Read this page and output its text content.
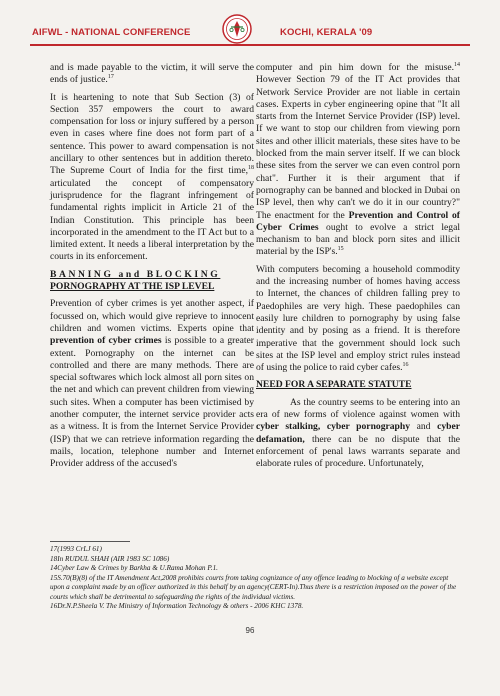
AIFWL - NATIONAL CONFERENCE	KOCHI, KERALA '09

and is made payable to the victim, it will serve the ends of justice.$^{17}$

It is heartening to note that Sub Section (3) of Section 357 empowers the court to award compensation for loss or injury suffered by a person even in cases where fine does not form part of a sentence. This power to award compensation is not ancillary to other sentences but in addition thereto. The Supreme Court of India for the first time,$^{18}$ articulated the concept of compensatory jurisprudence for the flagrant infringement of fundamental rights implicit in Article 21 of the Indian Constitution. This principle has been incorporated in the amendment to the IT Act but to a limited extent. It needs a liberal interpretation by the courts in its enforcement.

BANNING and BLOCKING
PORNOGRAPHY AT THE ISP LEVEL

Prevention of cyber crimes is yet another aspect, if focussed on, which would give reprieve to innocent children and women victims. Experts opine that prevention of cyber crimes is possible to a greater extent. Pornography on the internet can be controlled and there are many methods. There are special softwares which lock almost all porn sites on the net and which can prevent children from viewing such sites. When a computer has been victimised by another computer, the internet service provider acts as a witness. It is from the Internet Service Provider (ISP) that we can retrieve information regarding the mails, location, telephone number and Internet Provider address of the accused's

computer and pin him down for the misuse.$^{14}$ However Section 79 of the IT Act provides that Network Service Provider are not liable in certain cases. Experts in cyber engineering opine that "It all starts from the Internet Service Provider (ISP) level. If we want to stop our children from viewing porn sites and other illicit materials, these sites have to be blocked from the main server itself. If we can block these sites from the server we can even control porn chat". Further it is their argument that if pornography can be banned and blocked in Dubai on ISP level, then why can't we do it in our country?" The enactment for the Prevention and Control of Cyber Crimes ought to evolve a strict legal mechanism to ban and block porn sites and illicit material by the ISP's.$^{15}$

With computers becoming a household commodity and the increasing number of homes having access to Internet, the chances of children falling prey to Paedophiles are very high. These paedophiles can easily lure children to pornography by using false identity and by posing as a friend. It is therefore imperative that the government should lock such sites at the ISP level and employ strict rules instead of using the police to raid cyber cafes.$^{16}$

NEED FOR A SEPARATE STATUTE

As the country seems to be entering into an era of new forms of violence against women with cyber stalking, cyber pornography and cyber defamation, there can be no dispute that the enforcement of penal laws warrants separate and elaborate rules of procedure. Unfortunately,

17(1993 CrLJ 61)
18In RUDUL SHAH (AIR 1983 SC 1086)
14Cyber Law & Crimes by Barkha & U.Rama Mohan P.1.
15S.70(B)(8) of the IT Amendment Act,2008 prohibits courts from taking cognizance of any offence leading to blocking of a website except upon a complaint made by an officer authorized in this behalf by an agency(CERT-In).Thus there is a restriction imposed on the power of the courts which shall be detrimental to safeguarding the rights of the individual victims.
16Dr.N.P.Sheela V. The Ministry of Information Technology & others - 2006 KHC 1378.
96
